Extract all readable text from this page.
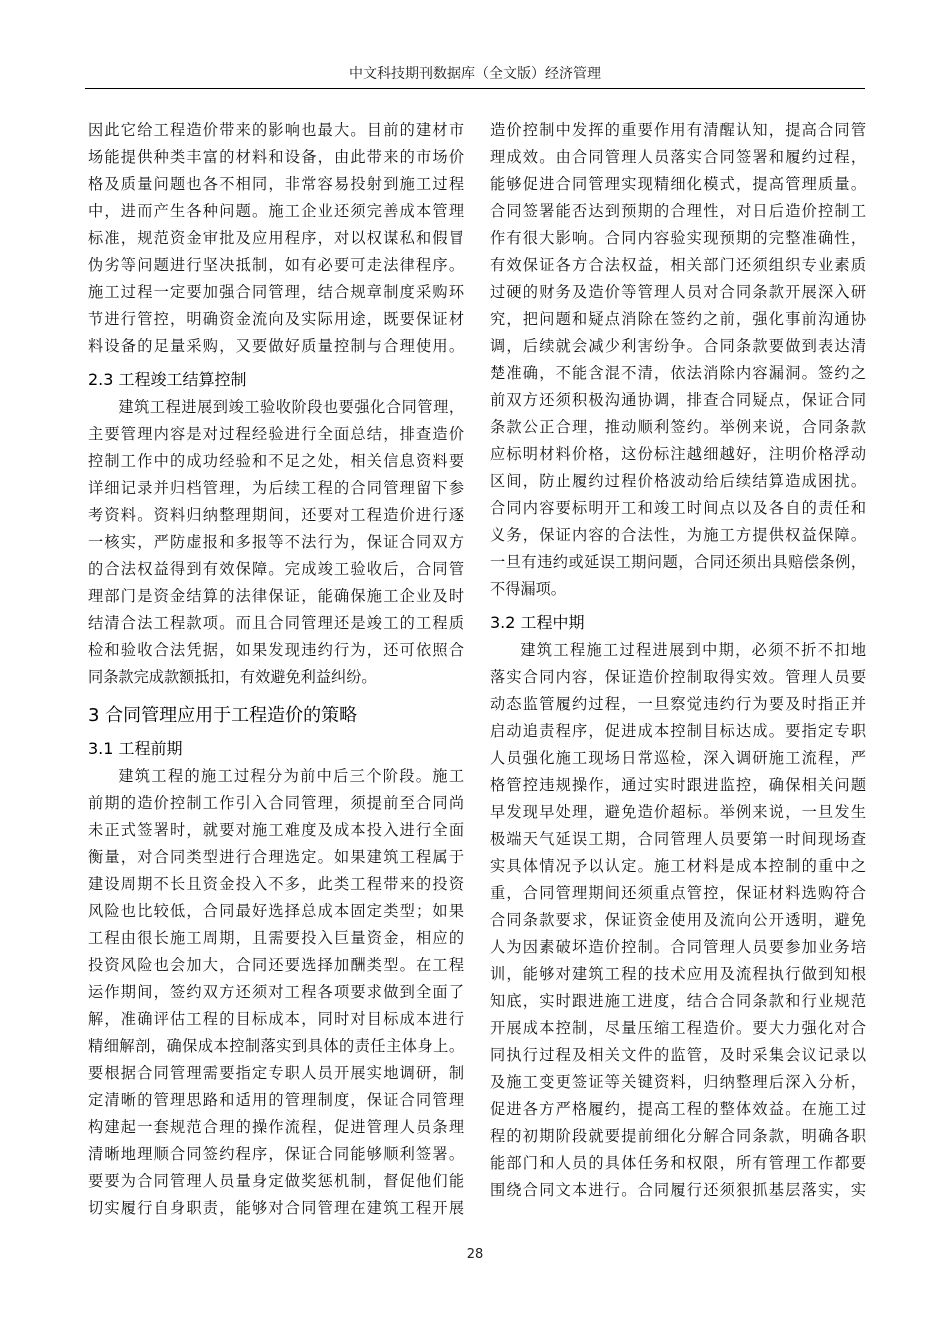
中文科技期刊数据库（全文版）经济管理
因此它给工程造价带来的影响也最大。目前的建材市
场能提供种类丰富的材料和设备，由此带来的市场价
格及质量问题也各不相同，非常容易投射到施工过程
中，进而产生各种问题。施工企业还须完善成本管理
标准，规范资金审批及应用程序，对以权谋私和假冒
伪劣等问题进行坚决抵制，如有必要可走法律程序。
施工过程一定要加强合同管理，结合规章制度采购环
节进行管控，明确资金流向及实际用途，既要保证材
料设备的足量采购，又要做好质量控制与合理使用。
2.3 工程竣工结算控制
建筑工程进展到竣工验收阶段也要强化合同管理，
主要管理内容是对过程经验进行全面总结，排查造价
控制工作中的成功经验和不足之处，相关信息资料要
详细记录并归档管理，为后续工程的合同管理留下参
考资料。资料归纳整理期间，还要对工程造价进行逐
一核实，严防虚报和多报等不法行为，保证合同双方
的合法权益得到有效保障。完成竣工验收后，合同管
理部门是资金结算的法律保证，能确保施工企业及时
结清合法工程款项。而且合同管理还是竣工的工程质
检和验收合法凭据，如果发现违约行为，还可依照合
同条款完成款额抵扣，有效避免利益纠纷。
3 合同管理应用于工程造价的策略
3.1 工程前期
建筑工程的施工过程分为前中后三个阶段。施工
前期的造价控制工作引入合同管理，须提前至合同尚
未正式签署时，就要对施工难度及成本投入进行全面
衡量，对合同类型进行合理选定。如果建筑工程属于
建设周期不长且资金投入不多，此类工程带来的投资
风险也比较低，合同最好选择总成本固定类型；如果
工程由很长施工周期，且需要投入巨量资金，相应的
投资风险也会加大，合同还要选择加酬类型。在工程
运作期间，签约双方还须对工程各项要求做到全面了
解，准确评估工程的目标成本，同时对目标成本进行
精细解剖，确保成本控制落实到具体的责任主体身上。
要根据合同管理需要指定专职人员开展实地调研，制
定清晰的管理思路和适用的管理制度，保证合同管理
构建起一套规范合理的操作流程，促进管理人员条理
清晰地理顺合同签约程序，保证合同能够顺利签署。
要要为合同管理人员量身定做奖惩机制，督促他们能
切实履行自身职责，能够对合同管理在建筑工程开展
造价控制中发挥的重要作用有清醒认知，提高合同管
理成效。由合同管理人员落实合同签署和履约过程，
能够促进合同管理实现精细化模式，提高管理质量。
合同签署能否达到预期的合理性，对日后造价控制工
作有很大影响。合同内容验实现预期的完整准确性，
有效保证各方合法权益，相关部门还须组织专业素质
过硬的财务及造价等管理人员对合同条款开展深入研
究，把问题和疑点消除在签约之前，强化事前沟通协
调，后续就会减少利害纷争。合同条款要做到表达清
楚准确，不能含混不清，依法消除内容漏洞。签约之
前双方还须积极沟通协调，排查合同疑点，保证合同
条款公正合理，推动顺利签约。举例来说，合同条款
应标明材料价格，这份标注越细越好，注明价格浮动
区间，防止履约过程价格波动给后续结算造成困扰。
合同内容要标明开工和竣工时间点以及各自的责任和
义务，保证内容的合法性，为施工方提供权益保障。
一旦有违约或延误工期问题，合同还须出具赔偿条例，
不得漏项。
3.2 工程中期
建筑工程施工过程进展到中期，必须不折不扣地
落实合同内容，保证造价控制取得实效。管理人员要
动态监管履约过程，一旦察觉违约行为要及时指正并
启动追责程序，促进成本控制目标达成。要指定专职
人员强化施工现场日常巡检，深入调研施工流程，严
格管控违规操作，通过实时跟进监控，确保相关问题
早发现早处理，避免造价超标。举例来说，一旦发生
极端天气延误工期，合同管理人员要第一时间现场查
实具体情况予以认定。施工材料是成本控制的重中之
重，合同管理期间还须重点管控，保证材料选购符合
合同条款要求，保证资金使用及流向公开透明，避免
人为因素破坏造价控制。合同管理人员要参加业务培
训，能够对建筑工程的技术应用及流程执行做到知根
知底，实时跟进施工进度，结合合同条款和行业规范
开展成本控制，尽量压缩工程造价。要大力强化对合
同执行过程及相关文件的监管，及时采集会议记录以
及施工变更签证等关键资料，归纳整理后深入分析，
促进各方严格履约，提高工程的整体效益。在施工过
程的初期阶段就要提前细化分解合同条款，明确各职
能部门和人员的具体任务和权限，所有管理工作都要
围绕合同文本进行。合同履行还须狠抓基层落实，实
28
